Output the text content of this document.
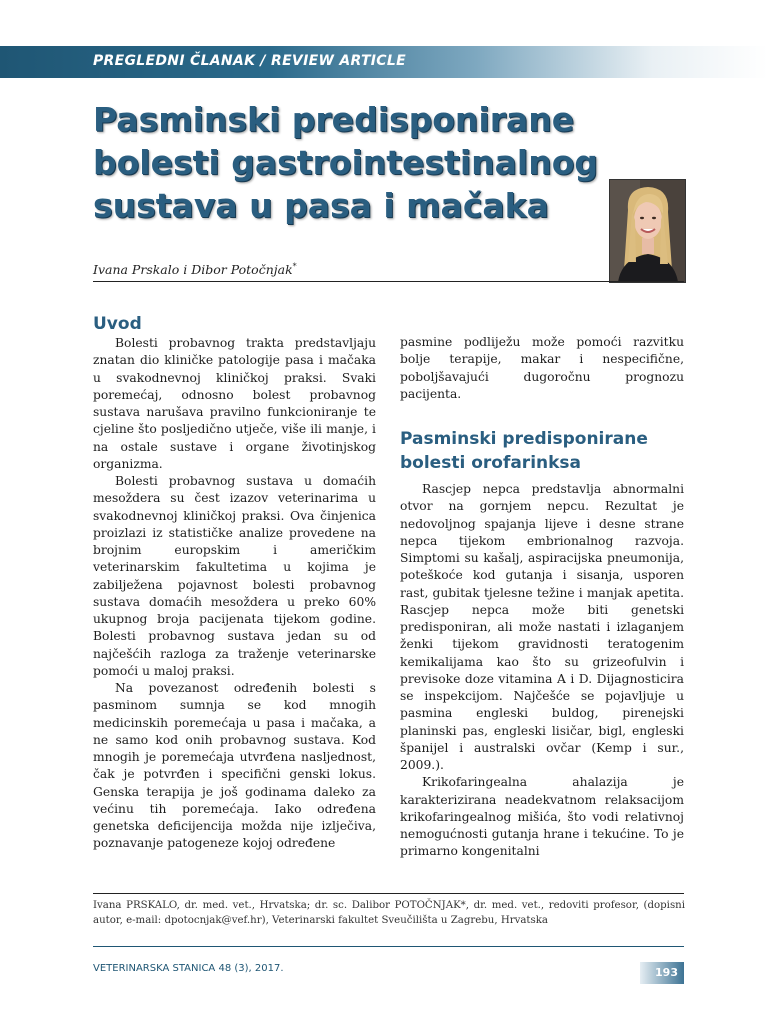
PREGLEDNI ČLANAK / REVIEW ARTICLE
Pasminski predisponirane bolesti gastrointestinalnog sustava u pasa i mačaka
Ivana Prskalo i Dibor Potočnjak*
Uvod

Bolesti probavnog trakta predstavljaju znatan dio kliničke patologije pasa i mačaka u svakodnevnoj kliničkoj praksi. Svaki poremećaj, odnosno bolest probavnog sustava narušava pravilno funkcioniranje te cjeline što posljedično utječe, više ili manje, i na ostale sustave i organe životinjskog organizma.

Bolesti probavnog sustava u domaćih mesoždera su čest izazov veterinarima u svakodnevnoj kliničkoj praksi. Ova činjenica proizlazi iz statističke analize provedene na brojnim europskim i američkim veterinarskim fakultetima u kojima je zabilježena pojavnost bolesti probavnog sustava domaćih mesoždera u preko 60% ukupnog broja pacijenata tijekom godine. Bolesti probavnog sustava jedan su od najčešćih razloga za traženje veterinarske pomoći u maloj praksi.

Na povezanost određenih bolesti s pasminom sumnja se kod mnogih medicinskih poremećaja u pasa i mačaka, a ne samo kod onih probavnog sustava. Kod mnogih je poremećaja utvrđena nasljednost, čak je potvrđen i specifični genski lokus. Genska terapija je još godinama daleko za većinu tih poremećaja. Iako određena genetska deficijencija možda nije izlječiva, poznavanje patogeneze kojoj određene

pasmine podliježu može pomoći razvitku bolje terapije, makar i nespecifične, poboljšavajući dugoročnu prognozu pacijenta.

Pasminski predisponirane bolesti orofarinksa

Rascjep nepca predstavlja abnormalni otvor na gornjem nepcu. Rezultat je nedovoljnog spajanja lijeve i desne strane nepca tijekom embrionalnog razvoja. Simptomi su kašalj, aspiracijska pneumonija, poteškoće kod gutanja i sisanja, usporen rast, gubitak tjelesne težine i manjak apetita. Rascjep nepca može biti genetski predisponiran, ali može nastati i izlaganjem ženki tijekom gravidnosti teratogenim kemikalijama kao što su grizeofulvin i previsoke doze vitamina A i D. Dijagnosticira se inspekcijom. Najčešće se pojavljuje u pasmina engleski buldog, pirenejski planinski pas, engleski lisičar, bigl, engleski španijel i australski ovčar (Kemp i sur., 2009.).

Krikofaringealna ahalazija je karakterizirana neadekvatnom relaksacijom krikofaringealnog mišića, što vodi relativnoj nemogućnosti gutanja hrane i tekućine. To je primarno kongenitalni

Ivana PRSKALO, dr. med. vet., Hrvatska; dr. sc. Dalibor POTOČNJAK*, dr. med. vet., redoviti profesor, (dopisni autor, e-mail: dpotocnjak@vef.hr), Veterinarski fakultet Sveučilišta u Zagrebu, Hrvatska
VETERINARSKA STANICA 48 (3), 2017.	193
